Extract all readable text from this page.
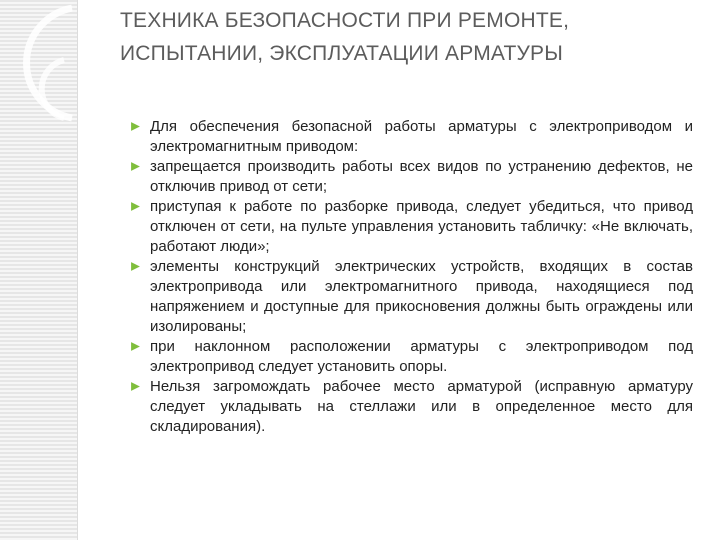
ТЕХНИКА БЕЗОПАСНОСТИ ПРИ РЕМОНТЕ, ИСПЫТАНИИ, ЭКСПЛУАТАЦИИ АРМАТУРЫ
Для обеспечения безопасной работы арматуры с электроприводом и электромагнитным приводом:
запрещается производить работы всех видов по устранению дефектов, не отключив привод от сети;
приступая к работе по разборке привода, следует убедиться, что привод отключен от сети, на пульте управления установить табличку: «Не включать, работают люди»;
элементы конструкций электрических устройств, входящих в состав электропривода или электромагнитного привода, находящиеся под напряжением и доступные для прикосновения должны быть ограждены или изолированы;
при наклонном расположении арматуры с электроприводом под электропривод следует установить опоры.
Нельзя загромождать рабочее место арматурой (исправную арматуру следует укладывать на стеллажи или в определенное место для складирования).
